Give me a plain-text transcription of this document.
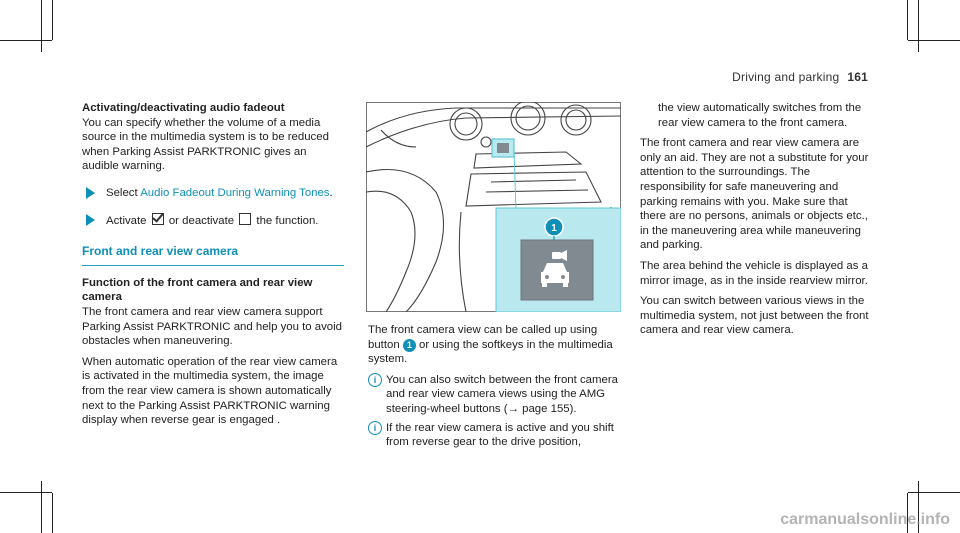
Driving and parking 161
Activating/deactivating audio fadeout

You can specify whether the volume of a media source in the multimedia system is to be reduced when Parking Assist PARKTRONIC gives an audible warning.

Select Audio Fadeout During Warning Tones.
Activate  or deactivate  the function.
Front and rear view camera
Function of the front camera and rear view camera

The front camera and rear view camera support Parking Assist PARKTRONIC and help you to avoid obstacles when maneuvering.

When automatic operation of the rear view camera is activated in the multimedia system, the image from the rear view camera is shown automatically next to the Parking Assist PARKTRONIC warning display when reverse gear is engaged .

1

The front camera view can be called up using button 1 or using the softkeys in the multimedia system.

i You can also switch between the front camera and rear view camera views using the AMG steering-wheel buttons (→ page 155).
i If the rear view camera is active and you shift from reverse gear to the drive position,

the view automatically switches from the rear view camera to the front camera.

The front camera and rear view camera are only an aid. They are not a substitute for your attention to the surroundings. The responsibility for safe maneuvering and parking remains with you. Make sure that there are no persons, animals or objects etc., in the maneuvering area while maneuvering and parking.

The area behind the vehicle is displayed as a mirror image, as in the inside rearview mirror.

You can switch between various views in the multimedia system, not just between the front camera and rear view camera.

carmanualsonline.info
